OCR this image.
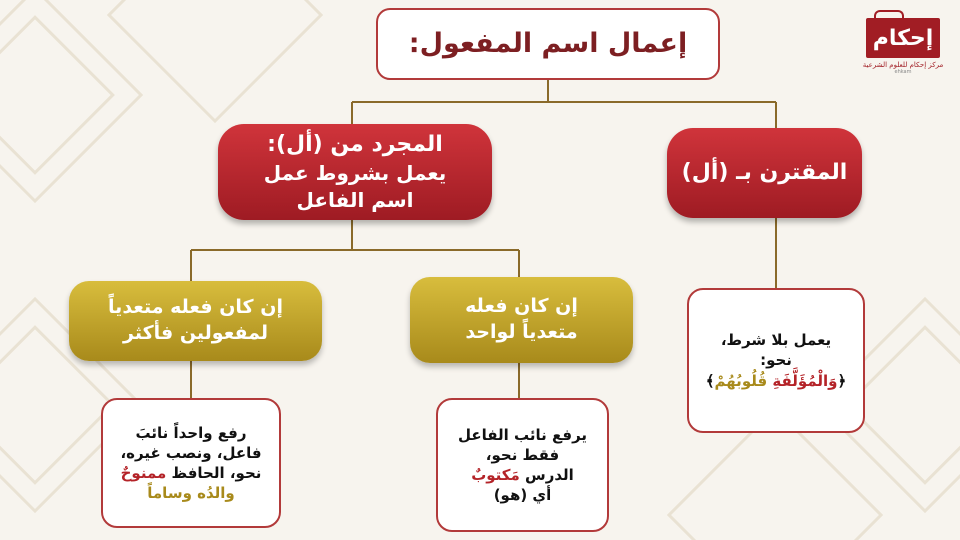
إحكام
مركز إحكام للعلوم الشرعية
ehkam
إعمال اسم المفعول:
المجرد من (أل):
يعمل بشروط عمل
اسم الفاعل
المقترن بـ (أل)
إن كان فعله متعدياً
لمفعولين فأكثر
إن كان فعله
متعدياً لواحد
رفع واحداً نائبَ
فاعل، ونصب غيره،
نحو، الحافظ ممنوحٌ
والدُه وساماً
يرفع نائب الفاعل
فقط نحو،
الدرس مَكتوبٌ
أي (هو)
يعمل بلا شرط،
نحو:
﴿وَالْمُؤَلَّفَةِ قُلُوبُهُمْ﴾
